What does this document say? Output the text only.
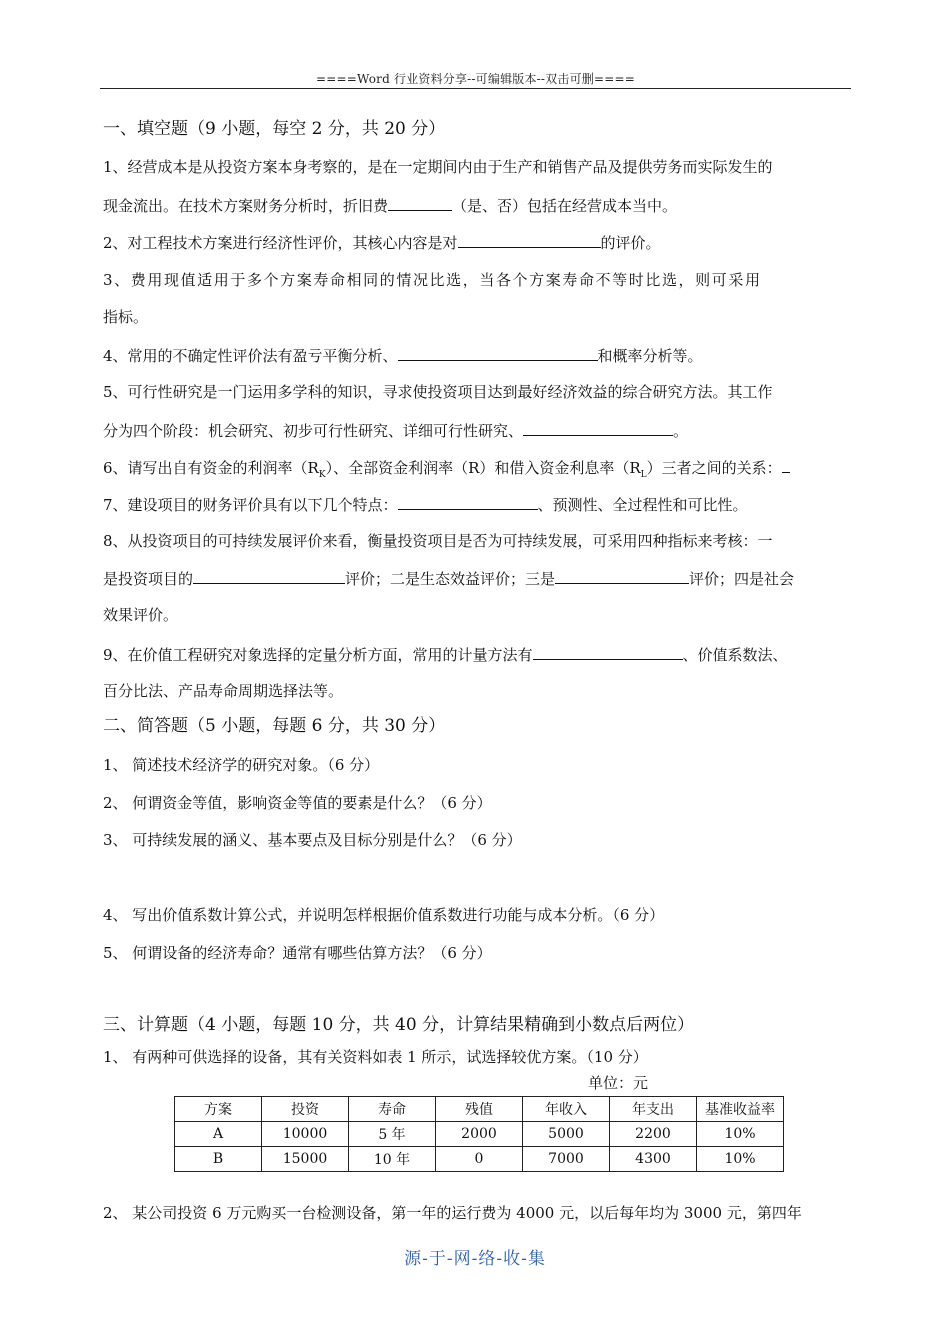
====Word 行业资料分享--可编辑版本--双击可删====
一、填空题（9 小题，每空 2 分，共 20 分）
1、经营成本是从投资方案本身考察的，是在一定期间内由于生产和销售产品及提供劳务而实际发生的
现金流出。在技术方案财务分析时，折旧费	（是、否）包括在经营成本当中。
2、对工程技术方案进行经济性评价，其核心内容是对	的评价。
3、费用现值适用于多个方案寿命相同的情况比选，当各个方案寿命不等时比选，则可采用
指标。
4、常用的不确定性评价法有盈亏平衡分析、	和概率分析等。
5、可行性研究是一门运用多学科的知识，寻求使投资项目达到最好经济效益的综合研究方法。其工作
分为四个阶段：机会研究、初步可行性研究、详细可行性研究、	。
6、请写出自有资金的利润率$(R_K)$、全部资金利润率（R）和借入资金利息率$(R_L)$三者之间的关系：
7、建设项目的财务评价具有以下几个特点：	、预测性、全过程性和可比性。
8、从投资项目的可持续发展评价来看，衡量投资项目是否为可持续发展，可采用四种指标来考核：一
是投资项目的	评价；二是生态效益评价；三是	评价；四是社会
效果评价。
9、在价值工程研究对象选择的定量分析方面，常用的计量方法有	、价值系数法、
百分比法、产品寿命周期选择法等。
二、简答题（5 小题，每题 6 分，共 30 分）
1、 简述技术经济学的研究对象。（6 分）
2、 何谓资金等值，影响资金等值的要素是什么？（6 分）
3、 可持续发展的涵义、基本要点及目标分别是什么？（6 分）
4、 写出价值系数计算公式，并说明怎样根据价值系数进行功能与成本分析。（6 分）
5、 何谓设备的经济寿命？通常有哪些估算方法？（6 分）
三、计算题（4 小题，每题 10 分，共 40 分，计算结果精确到小数点后两位）
1、 有两种可供选择的设备，其有关资料如表 1 所示，试选择较优方案。（10 分）
单位：元
方案	投资	寿命	残值	年收入	年支出	基准收益率
A	10000	5 年	2000	5000	2200	10%
B	15000	10 年	0	7000	4300	10%
2、 某公司投资 6 万元购买一台检测设备，第一年的运行费为 4000 元，以后每年均为 3000 元，第四年
源-于-网-络-收-集
